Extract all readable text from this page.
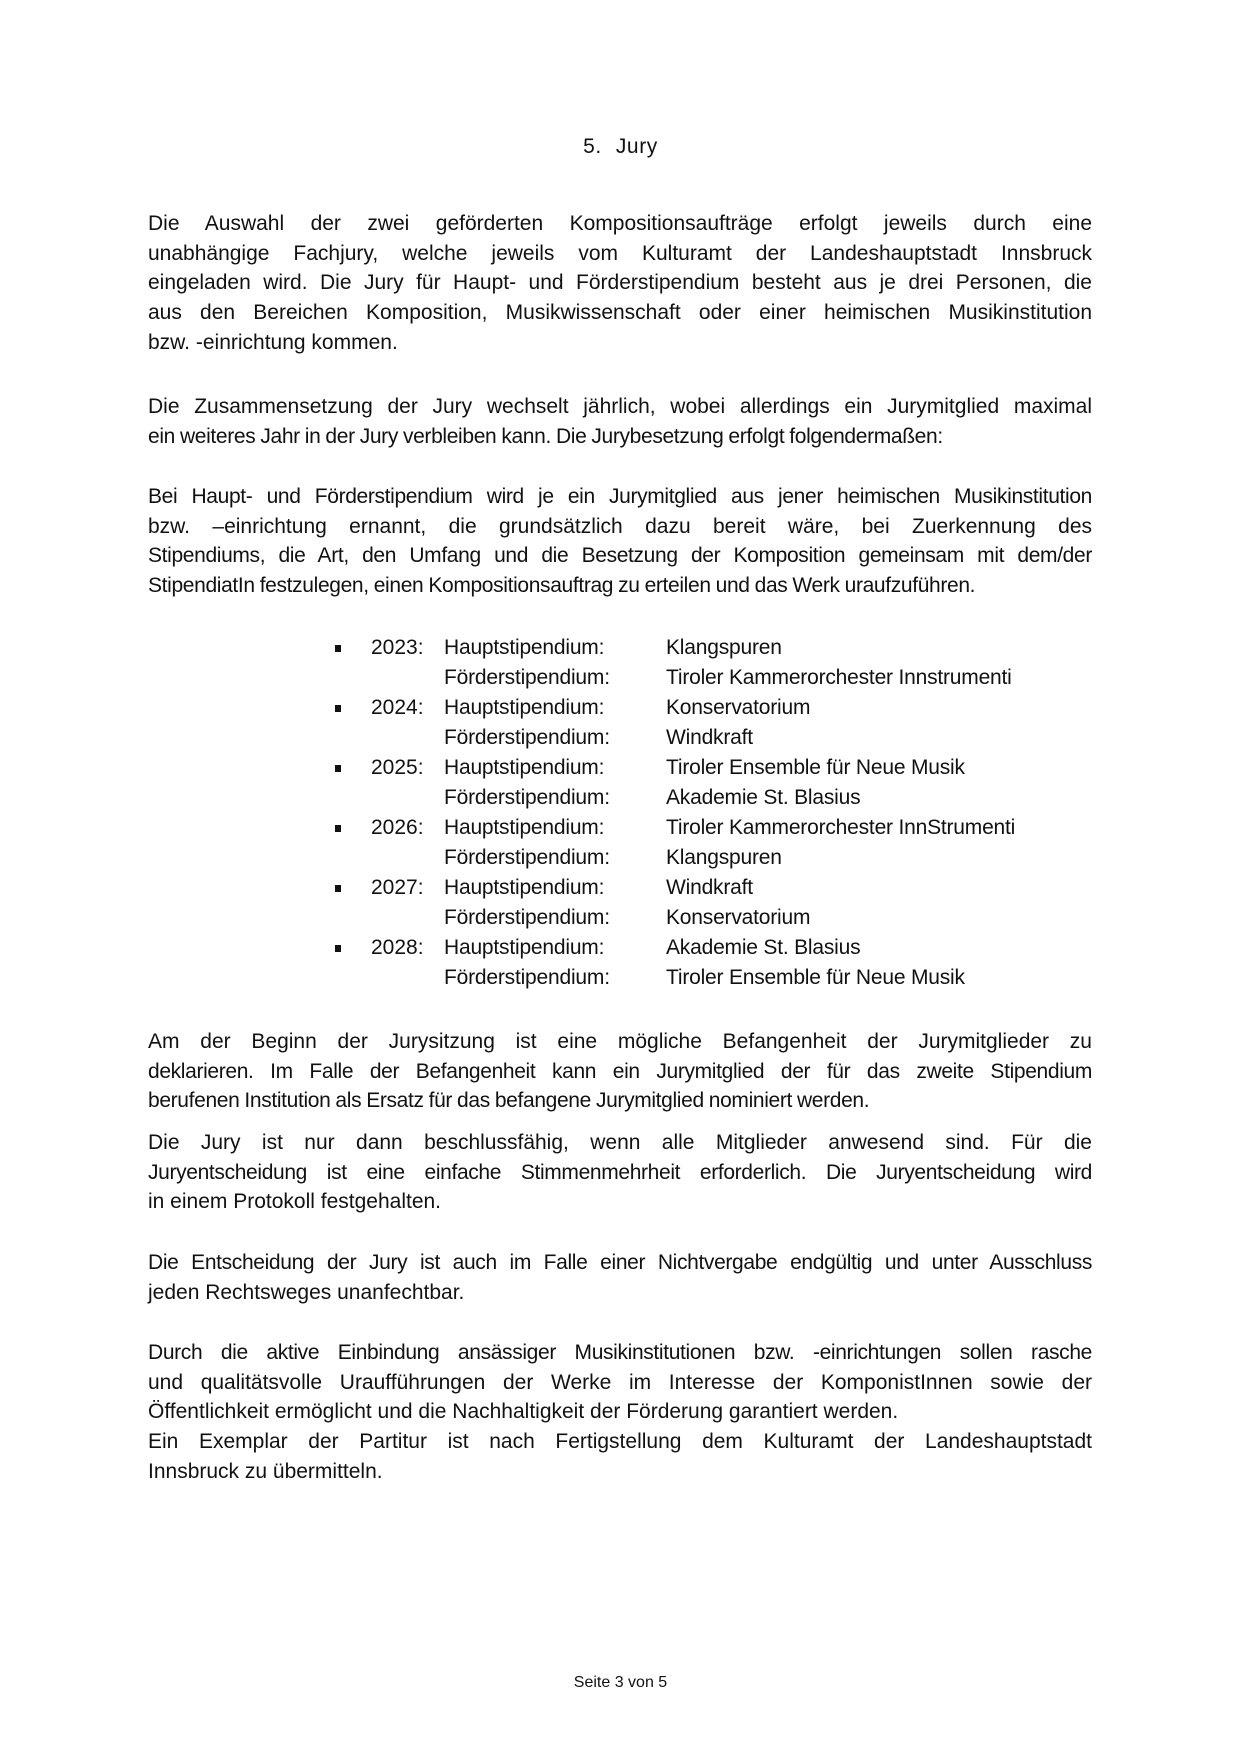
5. Jury
Die Auswahl der zwei geförderten Kompositionsaufträge erfolgt jeweils durch eine
unabhängige Fachjury, welche jeweils vom Kulturamt der Landeshauptstadt Innsbruck
eingeladen wird. Die Jury für Haupt- und Förderstipendium besteht aus je drei Personen, die
aus den Bereichen Komposition, Musikwissenschaft oder einer heimischen Musikinstitution
bzw. -einrichtung kommen.
Die Zusammensetzung der Jury wechselt jährlich, wobei allerdings ein Jurymitglied maximal
ein weiteres Jahr in der Jury verbleiben kann. Die Jurybesetzung erfolgt folgendermaßen:
Bei Haupt- und Förderstipendium wird je ein Jurymitglied aus jener heimischen Musikinstitution
bzw. –einrichtung ernannt, die grundsätzlich dazu bereit wäre, bei Zuerkennung des
Stipendiums, die Art, den Umfang und die Besetzung der Komposition gemeinsam mit dem/der
StipendiatIn festzulegen, einen Kompositionsauftrag zu erteilen und das Werk uraufzuführen.
2023: Hauptstipendium:	Klangspuren
Förderstipendium:	Tiroler Kammerorchester Innstrumenti
2024: Hauptstipendium:	Konservatorium
Förderstipendium:	Windkraft
2025: Hauptstipendium:	Tiroler Ensemble für Neue Musik
Förderstipendium:	Akademie St. Blasius
2026: Hauptstipendium:	Tiroler Kammerorchester InnStrumenti
Förderstipendium:	Klangspuren
2027: Hauptstipendium:	Windkraft
Förderstipendium:	Konservatorium
2028: Hauptstipendium:	Akademie St. Blasius
Förderstipendium:	Tiroler Ensemble für Neue Musik
Am der Beginn der Jurysitzung ist eine mögliche Befangenheit der Jurymitglieder zu
deklarieren. Im Falle der Befangenheit kann ein Jurymitglied der für das zweite Stipendium
berufenen Institution als Ersatz für das befangene Jurymitglied nominiert werden.
Die Jury ist nur dann beschlussfähig, wenn alle Mitglieder anwesend sind. Für die
Juryentscheidung ist eine einfache Stimmenmehrheit erforderlich. Die Juryentscheidung wird
in einem Protokoll festgehalten.
Die Entscheidung der Jury ist auch im Falle einer Nichtvergabe endgültig und unter Ausschluss
jeden Rechtsweges unanfechtbar.
Durch die aktive Einbindung ansässiger Musikinstitutionen bzw. -einrichtungen sollen rasche
und qualitätsvolle Uraufführungen der Werke im Interesse der KomponistInnen sowie der
Öffentlichkeit ermöglicht und die Nachhaltigkeit der Förderung garantiert werden.
Ein Exemplar der Partitur ist nach Fertigstellung dem Kulturamt der Landeshauptstadt
Innsbruck zu übermitteln.
Seite 3 von 5
